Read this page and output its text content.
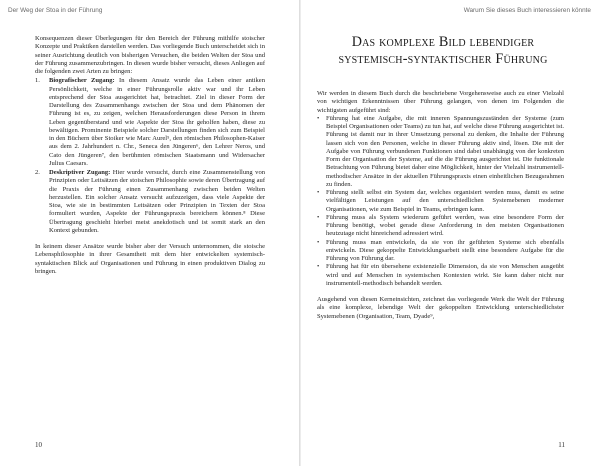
Der Weg der Stoa in der Führung

Konsequenzen dieser Überlegungen für den Bereich der Führung mithilfe stoischer Konzepte und Praktiken darstellen werden. Das vorliegende Buch unterscheidet sich in seiner Ausrichtung deutlich von bisherigen Versuchen, die beiden Welten der Stoa und der Führung zusammenzubringen. In diesen wurde bisher versucht, dieses Anliegen auf die folgenden zwei Arten zu bringen:

1. Biografischer Zugang: In diesem Ansatz wurde das Leben einer antiken Persönlichkeit, welche in einer Führungsrolle aktiv war und ihr Leben entsprechend der Stoa ausgerichtet hat, betrachtet. Ziel in dieser Form der Darstellung des Zusammenhangs zwischen der Stoa und dem Phänomen der Führung ist es, zu zeigen, welchen Herausforderungen diese Person in ihrem Leben gegenüberstand und wie Aspekte der Stoa ihr geholfen haben, diese zu bewältigen. Prominente Beispiele solcher Darstellungen finden sich zum Beispiel in den Büchern über Stoiker wie Marc Aurel⁵, den römischen Philosophen-Kaiser aus dem 2. Jahrhundert n. Chr., Seneca den Jüngeren⁶, den Lehrer Neros, und Cato den Jüngeren⁷, den berühmten römischen Staatsmann und Widersacher Julius Caesars.
2. Deskriptiver Zugang: Hier wurde versucht, durch eine Zusammenstellung von Prinzipien oder Leitsätzen der stoischen Philosophie sowie deren Übertragung auf die Praxis der Führung einen Zusammenhang zwischen beiden Welten herzustellen. Ein solcher Ansatz versucht aufzuzeigen, dass viele Aspekte der Stoa, wie sie in bestimmten Leitsätzen oder Prinzipien in Texten der Stoa formuliert wurden, Aspekte der Führungspraxis bereichern können.⁸ Diese Übertragung geschieht hierbei meist anekdotisch und ist somit stark an den Kontext gebunden.

In keinem dieser Ansätze wurde bisher aber der Versuch unternommen, die stoische Lebensphilosophie in ihrer Gesamtheit mit dem hier entwickelten systemisch-syntaktischen Blick auf Organisationen und Führung in einen produktiven Dialog zu bringen.

10
Warum Sie dieses Buch interessieren könnte
Das komplexe Bild lebendiger
systemisch-syntaktischer Führung

Wir werden in diesem Buch durch die beschriebene Vorgehensweise auch zu einer Vielzahl von wichtigen Erkenntnissen über Führung gelangen, von denen im Folgenden die wichtigsten aufgeführt sind:

• Führung hat eine Aufgabe, die mit inneren Spannungszuständen der Systeme (zum Beispiel Organisationen oder Teams) zu tun hat, auf welche diese Führung ausgerichtet ist. Führung ist damit nur in ihrer Umsetzung personal zu denken, die Inhalte der Führung lassen sich von den Personen, welche in dieser Führung aktiv sind, lösen. Die mit der Aufgabe von Führung verbundenen Funktionen sind dabei unabhängig von der konkreten Form der Organisation der Systeme, auf die die Führung ausgerichtet ist. Die funktionale Betrachtung von Führung bietet daher eine Möglichkeit, hinter der Vielzahl instrumentell-methodischer Ansätze in der aktuellen Führungspraxis einen einheitlichen Bezugsrahmen zu finden.
• Führung stellt selbst ein System dar, welches organisiert werden muss, damit es seine vielfältigen Leistungen auf den unterschiedlichen Systemebenen moderner Organisationen, wie zum Beispiel in Teams, erbringen kann.
• Führung muss als System wiederum geführt werden, was eine besondere Form der Führung benötigt, wobei gerade diese Anforderung in den meisten Organisationen heutzutage nicht hinreichend adressiert wird.
• Führung muss man entwickeln, da sie von ihr geführten Systeme sich ebenfalls entwickeln. Diese gekoppelte Entwicklungsarbeit stellt eine besondere Aufgabe für die Führung von Führung dar.
• Führung hat für ein übersehene existenzielle Dimension, da sie von Menschen ausgeübt wird und auf Menschen in systemischen Kontexten wirkt. Sie kann daher nicht nur instrumentell-methodisch behandelt werden.

Ausgehend von diesen Kerneinsichten, zeichnet das vorliegende Werk die Welt der Führung als eine komplexe, lebendige Welt der gekoppelten Entwicklung unterschiedlichster Systemebenen (Organisation, Team, Dyade⁹,

11
